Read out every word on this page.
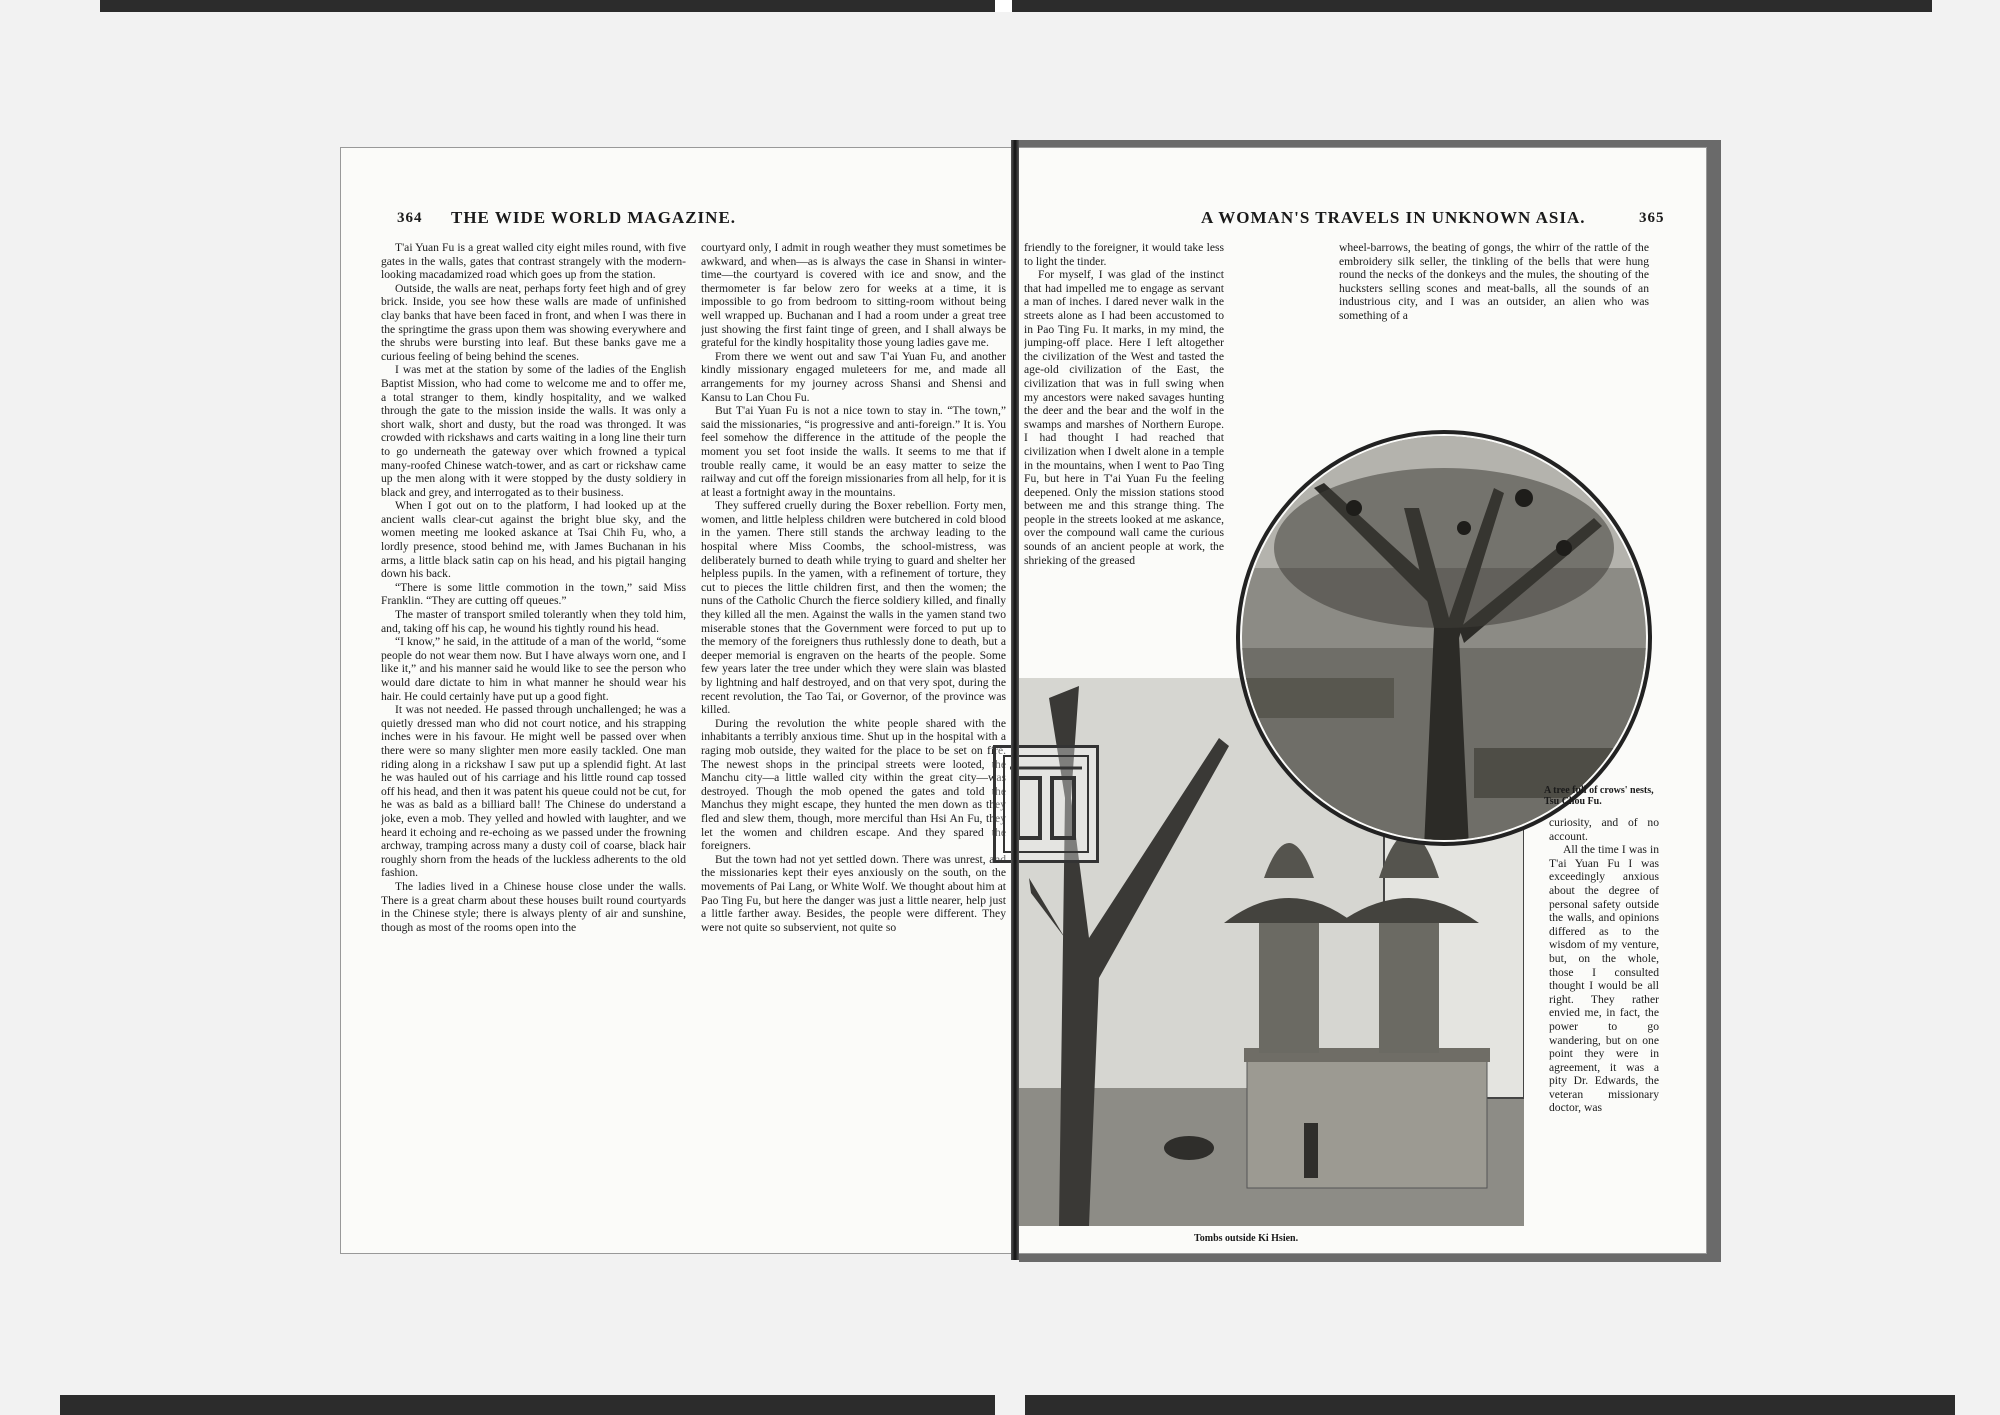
364 THE WIDE WORLD MAGAZINE.

T'ai Yuan Fu is a great walled city eight miles round, with five gates in the walls, gates that contrast strangely with the modern-looking macadamized road which goes up from the station.

Outside, the walls are neat, perhaps forty feet high and of grey brick. Inside, you see how these walls are made of unfinished clay banks that have been faced in front, and when I was there in the springtime the grass upon them was showing everywhere and the shrubs were bursting into leaf. But these banks gave me a curious feeling of being behind the scenes.

I was met at the station by some of the ladies of the English Baptist Mission, who had come to welcome me and to offer me, a total stranger to them, kindly hospitality, and we walked through the gate to the mission inside the walls. It was only a short walk, short and dusty, but the road was thronged. It was crowded with rickshaws and carts waiting in a long line their turn to go underneath the gateway over which frowned a typical many-roofed Chinese watch-tower, and as cart or rickshaw came up the men along with it were stopped by the dusty soldiery in black and grey, and interrogated as to their business.

When I got out on to the platform, I had looked up at the ancient walls clear-cut against the bright blue sky, and the women meeting me looked askance at Tsai Chih Fu, who, a lordly presence, stood behind me, with James Buchanan in his arms, a little black satin cap on his head, and his pigtail hanging down his back.

“There is some little commotion in the town,” said Miss Franklin. “They are cutting off queues.”

The master of transport smiled tolerantly when they told him, and, taking off his cap, he wound his tightly round his head.

“I know,” he said, in the attitude of a man of the world, “some people do not wear them now. But I have always worn one, and I like it,” and his manner said he would like to see the person who would dare dictate to him in what manner he should wear his hair. He could certainly have put up a good fight.

It was not needed. He passed through unchallenged; he was a quietly dressed man who did not court notice, and his strapping inches were in his favour. He might well be passed over when there were so many slighter men more easily tackled. One man riding along in a rickshaw I saw put up a splendid fight. At last he was hauled out of his carriage and his little round cap tossed off his head, and then it was patent his queue could not be cut, for he was as bald as a billiard ball! The Chinese do understand a joke, even a mob. They yelled and howled with laughter, and we heard it echoing and re-echoing as we passed under the frowning archway, tramping across many a dusty coil of coarse, black hair roughly shorn from the heads of the luckless adherents to the old fashion.

The ladies lived in a Chinese house close under the walls. There is a great charm about these houses built round courtyards in the Chinese style; there is always plenty of air and sunshine, though as most of the rooms open into the

courtyard only, I admit in rough weather they must sometimes be awkward, and when—as is always the case in Shansi in winter-time—the courtyard is covered with ice and snow, and the thermometer is far below zero for weeks at a time, it is impossible to go from bedroom to sitting-room without being well wrapped up. Buchanan and I had a room under a great tree just showing the first faint tinge of green, and I shall always be grateful for the kindly hospitality those young ladies gave me.

From there we went out and saw T'ai Yuan Fu, and another kindly missionary engaged muleteers for me, and made all arrangements for my journey across Shansi and Shensi and Kansu to Lan Chou Fu.

But T'ai Yuan Fu is not a nice town to stay in. “The town,” said the missionaries, “is progressive and anti-foreign.” It is. You feel somehow the difference in the attitude of the people the moment you set foot inside the walls. It seems to me that if trouble really came, it would be an easy matter to seize the railway and cut off the foreign missionaries from all help, for it is at least a fortnight away in the mountains.

They suffered cruelly during the Boxer rebellion. Forty men, women, and little helpless children were butchered in cold blood in the yamen. There still stands the archway leading to the hospital where Miss Coombs, the school-mistress, was deliberately burned to death while trying to guard and shelter her helpless pupils. In the yamen, with a refinement of torture, they cut to pieces the little children first, and then the women; the nuns of the Catholic Church the fierce soldiery killed, and finally they killed all the men. Against the walls in the yamen stand two miserable stones that the Government were forced to put up to the memory of the foreigners thus ruthlessly done to death, but a deeper memorial is engraven on the hearts of the people. Some few years later the tree under which they were slain was blasted by lightning and half destroyed, and on that very spot, during the recent revolution, the Tao Tai, or Governor, of the province was killed.

During the revolution the white people shared with the inhabitants a terribly anxious time. Shut up in the hospital with a raging mob outside, they waited for the place to be set on fire. The newest shops in the principal streets were looted, the Manchu city—a little walled city within the great city—was destroyed. Though the mob opened the gates and told the Manchus they might escape, they hunted the men down as they fled and slew them, though, more merciful than Hsi An Fu, they let the women and children escape. And they spared the foreigners.

But the town had not yet settled down. There was unrest, and the missionaries kept their eyes anxiously on the south, on the movements of Pai Lang, or White Wolf. We thought about him at Pao Ting Fu, but here the danger was just a little nearer, help just a little farther away. Besides, the people were different. They were not quite so subservient, not quite so

A WOMAN'S TRAVELS IN UNKNOWN ASIA.	365

friendly to the foreigner, it would take less to light the tinder.

For myself, I was glad of the instinct that had impelled me to engage as servant a man of inches. I dared never walk in the streets alone as I had been accustomed to in Pao Ting Fu. It marks, in my mind, the jumping-off place. Here I left altogether the civilization of the West and tasted the age-old civilization of the East, the civilization that was in full swing when my ancestors were naked savages hunting the deer and the bear and the wolf in the swamps and marshes of Northern Europe. I had thought I had reached that civilization when I dwelt alone in a temple in the mountains, when I went to Pao Ting Fu, but here in T'ai Yuan Fu the feeling deepened. Only the mission stations stood between me and this strange thing. The people in the streets looked at me askance, over the compound wall came the curious sounds of an ancient people at work, the shrieking of the greased

wheel-barrows, the beating of gongs, the whirr of the rattle of the embroidery silk seller, the tinkling of the bells that were hung round the necks of the donkeys and the mules, the shouting of the hucksters selling scones and meat-balls, all the sounds of an industrious city, and I was an outsider, an alien who was something of a

curiosity, and of no account.

All the time I was in T'ai Yuan Fu I was exceedingly anxious about the degree of personal safety outside the walls, and opinions differed as to the wisdom of my venture, but, on the whole, those I consulted thought I would be all right. They rather envied me, in fact, the power to go wandering, but on one point they were in agreement, it was a pity Dr. Edwards, the veteran missionary doctor, was

A tree full of crows' nests, Tsu Chou Fu.
Tombs outside Ki Hsien.
